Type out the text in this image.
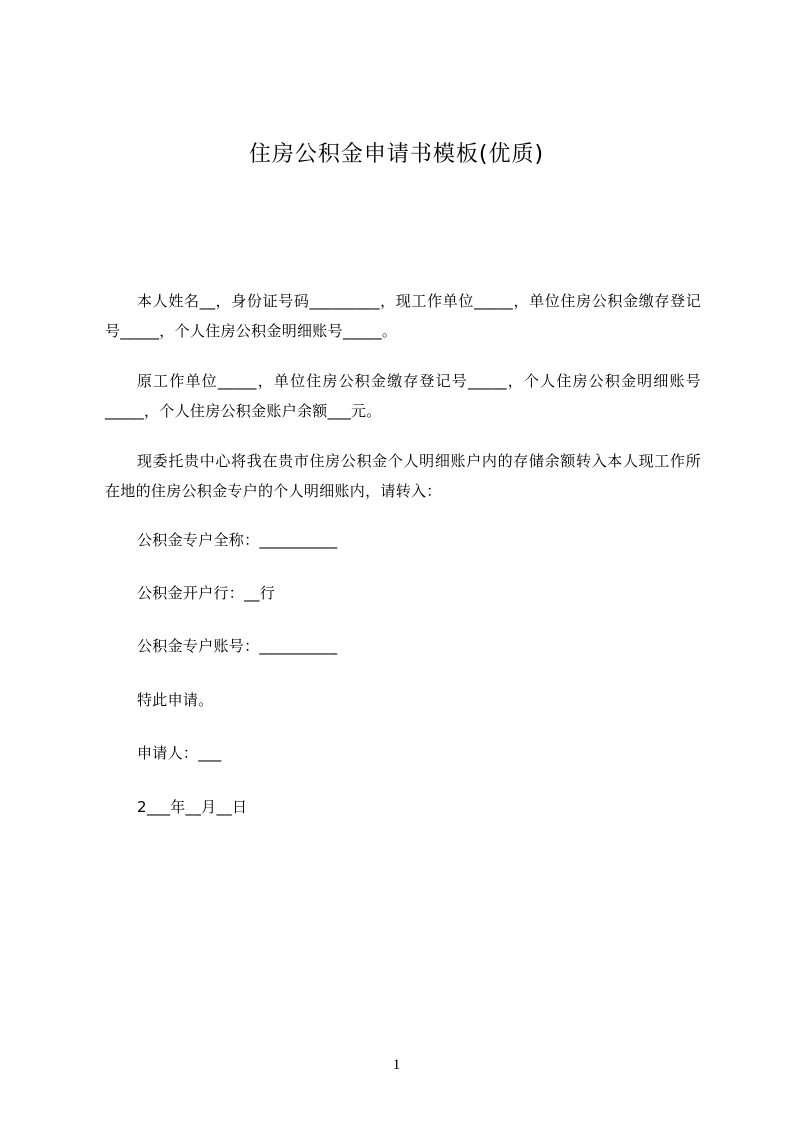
住房公积金申请书模板(优质)
本人姓名__，身份证号码_________，现工作单位_____，单位住房公积金缴存登记号_____，个人住房公积金明细账号_____。
原工作单位_____，单位住房公积金缴存登记号_____，个人住房公积金明细账号_____，个人住房公积金账户余额___元。
现委托贵中心将我在贵市住房公积金个人明细账户内的存储余额转入本人现工作所在地的住房公积金专户的个人明细账内，请转入：
公积金专户全称：__________
公积金开户行：__行
公积金专户账号：__________
特此申请。
申请人：___
2___年__月__日
1
